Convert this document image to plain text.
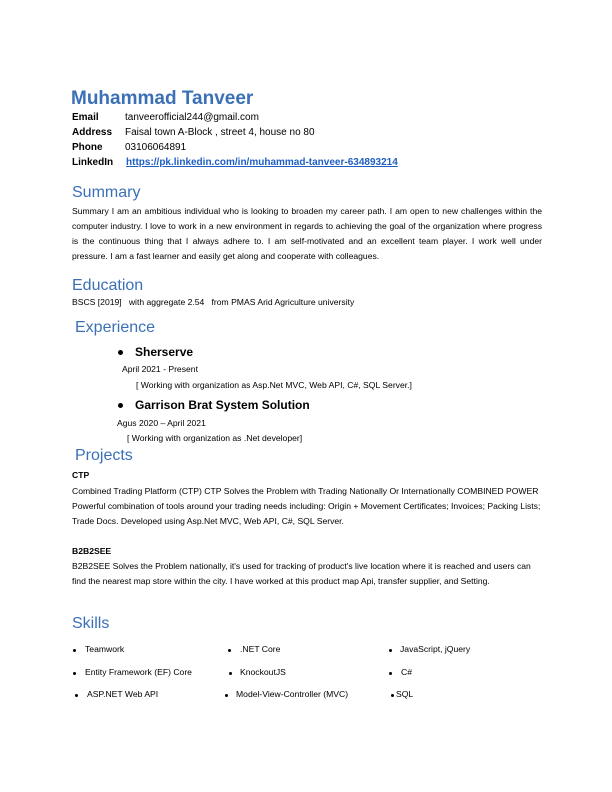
Muhammad Tanveer
Email	tanveerofficial244@gmail.com
Address Faisal town A-Block , street 4, house no 80
Phone 03106064891
LinkedIn https://pk.linkedin.com/in/muhammad-tanveer-634893214
Summary
Summary I am an ambitious individual who is looking to broaden my career path. I am open to new challenges within the computer industry. I love to work in a new environment in regards to achieving the goal of the organization where progress is the continuous thing that I always adhere to. I am self-motivated and an excellent team player. I work well under pressure. I am a fast learner and easily get along and cooperate with colleagues.
Education
BSCS [2019]   with aggregate 2.54   from PMAS Arid Agriculture university
Experience
Sherserve
April 2021 - Present
[ Working with organization as Asp.Net MVC, Web API, C#, SQL Server.]
Garrison Brat System Solution
Agus 2020 – April 2021
[ Working with organization as .Net developer]
Projects
CTP
Combined Trading Platform (CTP) CTP Solves the Problem with Trading Nationally Or Internationally COMBINED POWER Powerful combination of tools around your trading needs including: Origin + Movement Certificates; Invoices; Packing Lists; Trade Docs. Developed using Asp.Net MVC, Web API, C#, SQL Server.
B2B2SEE
B2B2SEE Solves the Problem nationally, it's used for tracking of product's live location where it is reached and users can find the nearest map store within the city. I have worked at this product map Api, transfer supplier, and Setting.
Skills
Teamwork	.NET Core	JavaScript, jQuery
Entity Framework (EF) Core	KnockoutJS	C#
ASP.NET Web API	Model-View-Controller (MVC)	SQL
